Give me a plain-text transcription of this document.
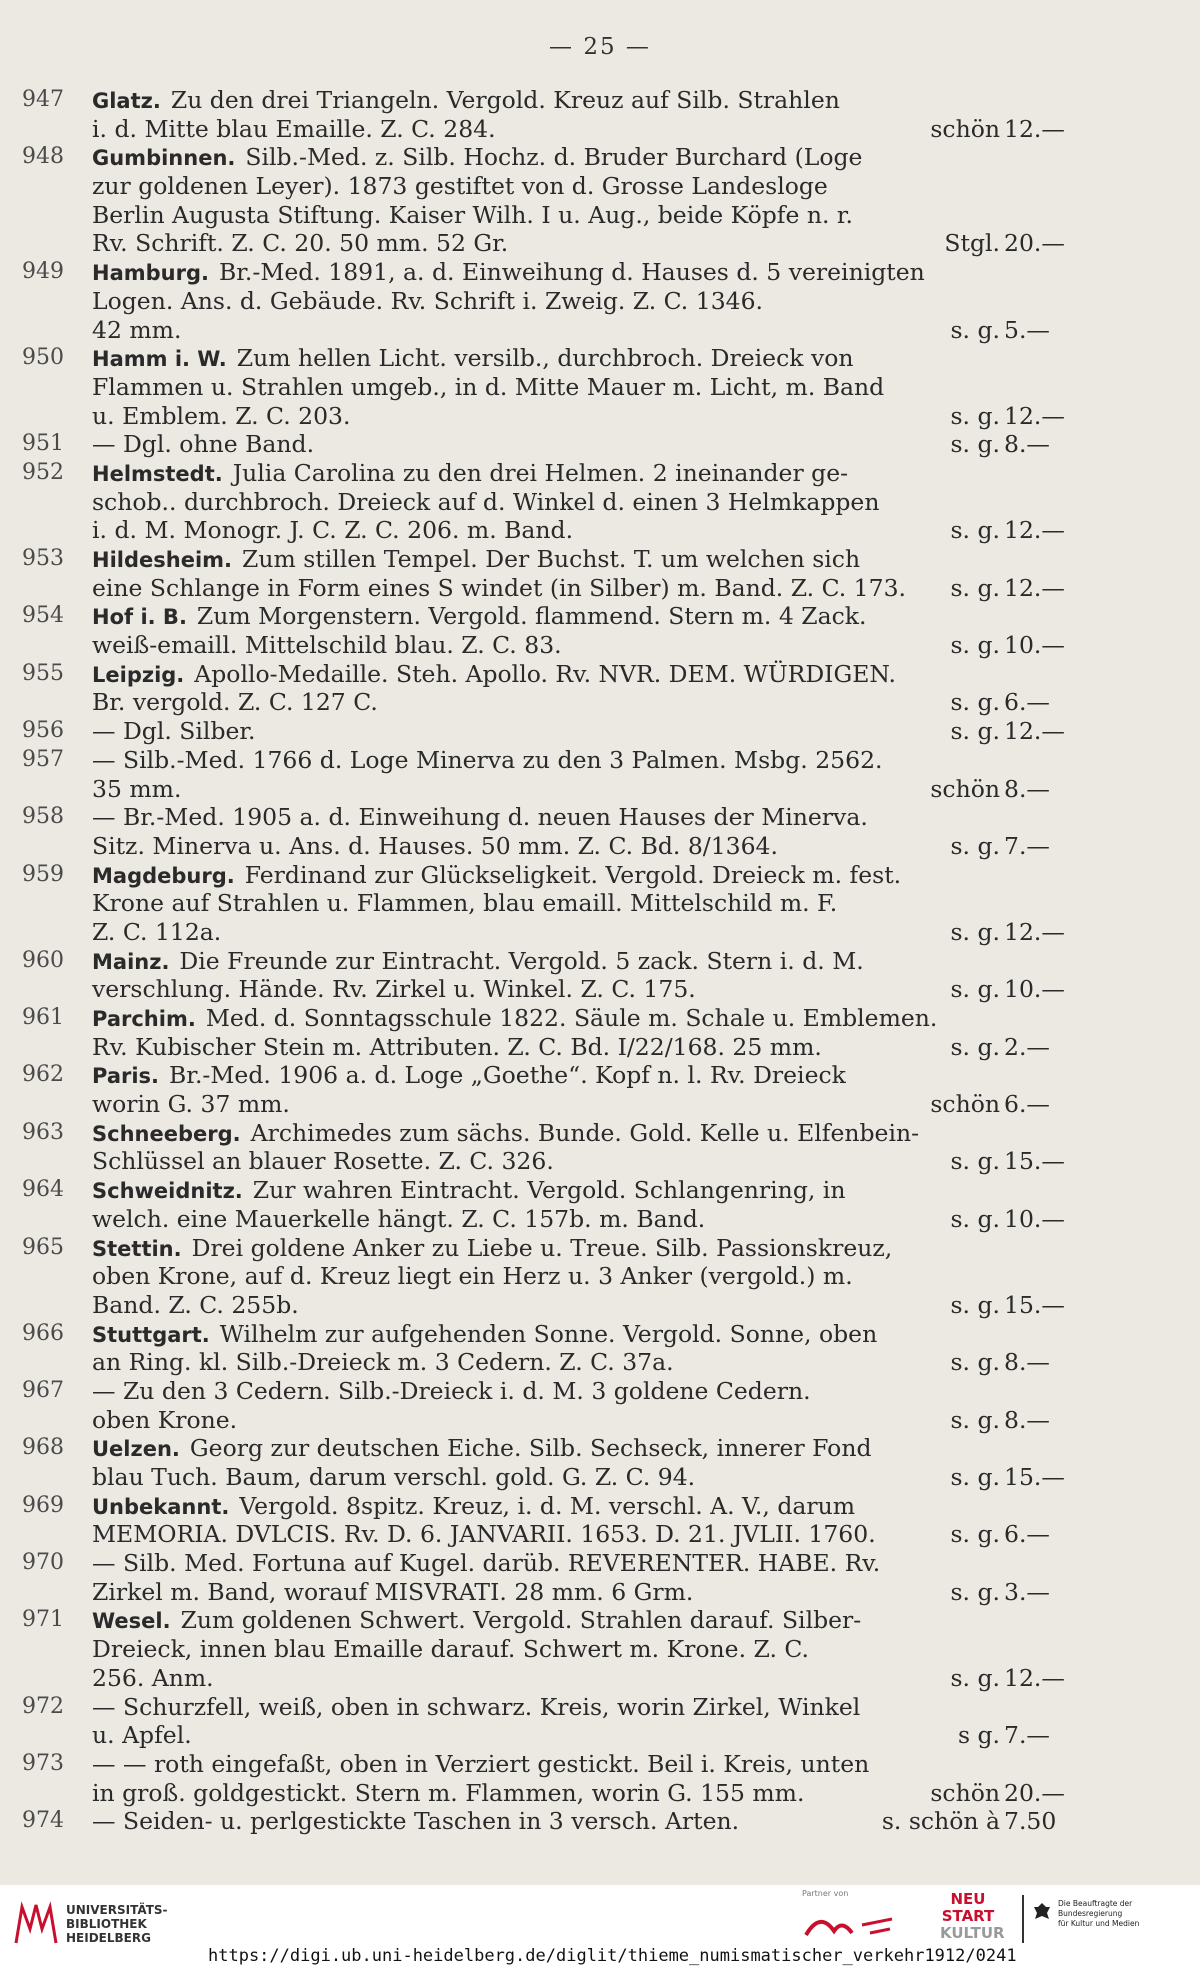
— 25 —
947	Glatz. Zu den drei Triangeln. Vergold. Kreuz auf Silb. Strahlen
i. d. Mitte blau Emaille. Z. C. 284.	schön 12.—
948	Gumbinnen. Silb.-Med. z. Silb. Hochz. d. Bruder Burchard (Loge
zur goldenen Leyer). 1873 gestiftet von d. Grosse Landesloge
Berlin Augusta Stiftung. Kaiser Wilh. I u. Aug., beide Köpfe n. r.
Rv. Schrift. Z. C. 20. 50 mm. 52 Gr.	Stgl. 20.—
949	Hamburg. Br.-Med. 1891, a. d. Einweihung d. Hauses d. 5 vereinigten
Logen. Ans. d. Gebäude. Rv. Schrift i. Zweig. Z. C. 1346.
42 mm.	s. g. 5.—
950	Hamm i. W. Zum hellen Licht. versilb., durchbroch. Dreieck von
Flammen u. Strahlen umgeb., in d. Mitte Mauer m. Licht, m. Band
u. Emblem. Z. C. 203.	s. g. 12.—
951	— Dgl. ohne Band.	s. g. 8.—
952	Helmstedt. Julia Carolina zu den drei Helmen. 2 ineinander ge-
schob.. durchbroch. Dreieck auf d. Winkel d. einen 3 Helmkappen
i. d. M. Monogr. J. C. Z. C. 206. m. Band.	s. g. 12.—
953	Hildesheim. Zum stillen Tempel. Der Buchst. T. um welchen sich
eine Schlange in Form eines S windet (in Silber) m. Band. Z. C. 173.	s. g. 12.—
954	Hof i. B. Zum Morgenstern. Vergold. flammend. Stern m. 4 Zack.
weiß-emaill. Mittelschild blau. Z. C. 83.	s. g. 10.—
955	Leipzig. Apollo-Medaille. Steh. Apollo. Rv. NVR. DEM. WÜRDIGEN.
Br. vergold. Z. C. 127 C.	s. g. 6.—
956	— Dgl. Silber.	s. g. 12.—
957	— Silb.-Med. 1766 d. Loge Minerva zu den 3 Palmen. Msbg. 2562.
35 mm.	schön 8.—
958	— Br.-Med. 1905 a. d. Einweihung d. neuen Hauses der Minerva.
Sitz. Minerva u. Ans. d. Hauses. 50 mm. Z. C. Bd. 8/1364.	s. g. 7.—
959	Magdeburg. Ferdinand zur Glückseligkeit. Vergold. Dreieck m. fest.
Krone auf Strahlen u. Flammen, blau emaill. Mittelschild m. F.
Z. C. 112a.	s. g. 12.—
960	Mainz. Die Freunde zur Eintracht. Vergold. 5 zack. Stern i. d. M.
verschlung. Hände. Rv. Zirkel u. Winkel. Z. C. 175.	s. g. 10.—
961	Parchim. Med. d. Sonntagsschule 1822. Säule m. Schale u. Emblemen.
Rv. Kubischer Stein m. Attributen. Z. C. Bd. I/22/168. 25 mm.	s. g. 2.—
962	Paris. Br.-Med. 1906 a. d. Loge „Goethe“. Kopf n. l. Rv. Dreieck
worin G. 37 mm.	schön 6.—
963	Schneeberg. Archimedes zum sächs. Bunde. Gold. Kelle u. Elfenbein-
Schlüssel an blauer Rosette. Z. C. 326.	s. g. 15.—
964	Schweidnitz. Zur wahren Eintracht. Vergold. Schlangenring, in
welch. eine Mauerkelle hängt. Z. C. 157b. m. Band.	s. g. 10.—
965	Stettin. Drei goldene Anker zu Liebe u. Treue. Silb. Passionskreuz,
oben Krone, auf d. Kreuz liegt ein Herz u. 3 Anker (vergold.) m.
Band. Z. C. 255b.	s. g. 15.—
966	Stuttgart. Wilhelm zur aufgehenden Sonne. Vergold. Sonne, oben
an Ring. kl. Silb.-Dreieck m. 3 Cedern. Z. C. 37a.	s. g. 8.—
967	— Zu den 3 Cedern. Silb.-Dreieck i. d. M. 3 goldene Cedern.
oben Krone.	s. g. 8.—
968	Uelzen. Georg zur deutschen Eiche. Silb. Sechseck, innerer Fond
blau Tuch. Baum, darum verschl. gold. G. Z. C. 94.	s. g. 15.—
969	Unbekannt. Vergold. 8spitz. Kreuz, i. d. M. verschl. A. V., darum
MEMORIA. DVLCIS. Rv. D. 6. JANVARII. 1653. D. 21. JVLII. 1760.	s. g. 6.—
970	— Silb. Med. Fortuna auf Kugel. darüb. REVERENTER. HABE. Rv.
Zirkel m. Band, worauf MISVRATI. 28 mm. 6 Grm.	s. g. 3.—
971	Wesel. Zum goldenen Schwert. Vergold. Strahlen darauf. Silber-
Dreieck, innen blau Emaille darauf. Schwert m. Krone. Z. C.
256. Anm.	s. g. 12.—
972	— Schurzfell, weiß, oben in schwarz. Kreis, worin Zirkel, Winkel
u. Apfel.	s g. 7.—
973	— — roth eingefaßt, oben in Verziert gestickt. Beil i. Kreis, unten
in groß. goldgestickt. Stern m. Flammen, worin G. 155 mm.	schön 20.—
974	— Seiden- u. perlgestickte Taschen in 3 versch. Arten.	s. schön à 7.50
UNIVERSITÄTS-
BIBLIOTHEK
HEIDELBERG
Partner von	NEU
START
KULTUR
Die Beauftragte der Bundesregierung
für Kultur und Medien
https://digi.ub.uni-heidelberg.de/diglit/thieme_numismatischer_verkehr1912/0241
